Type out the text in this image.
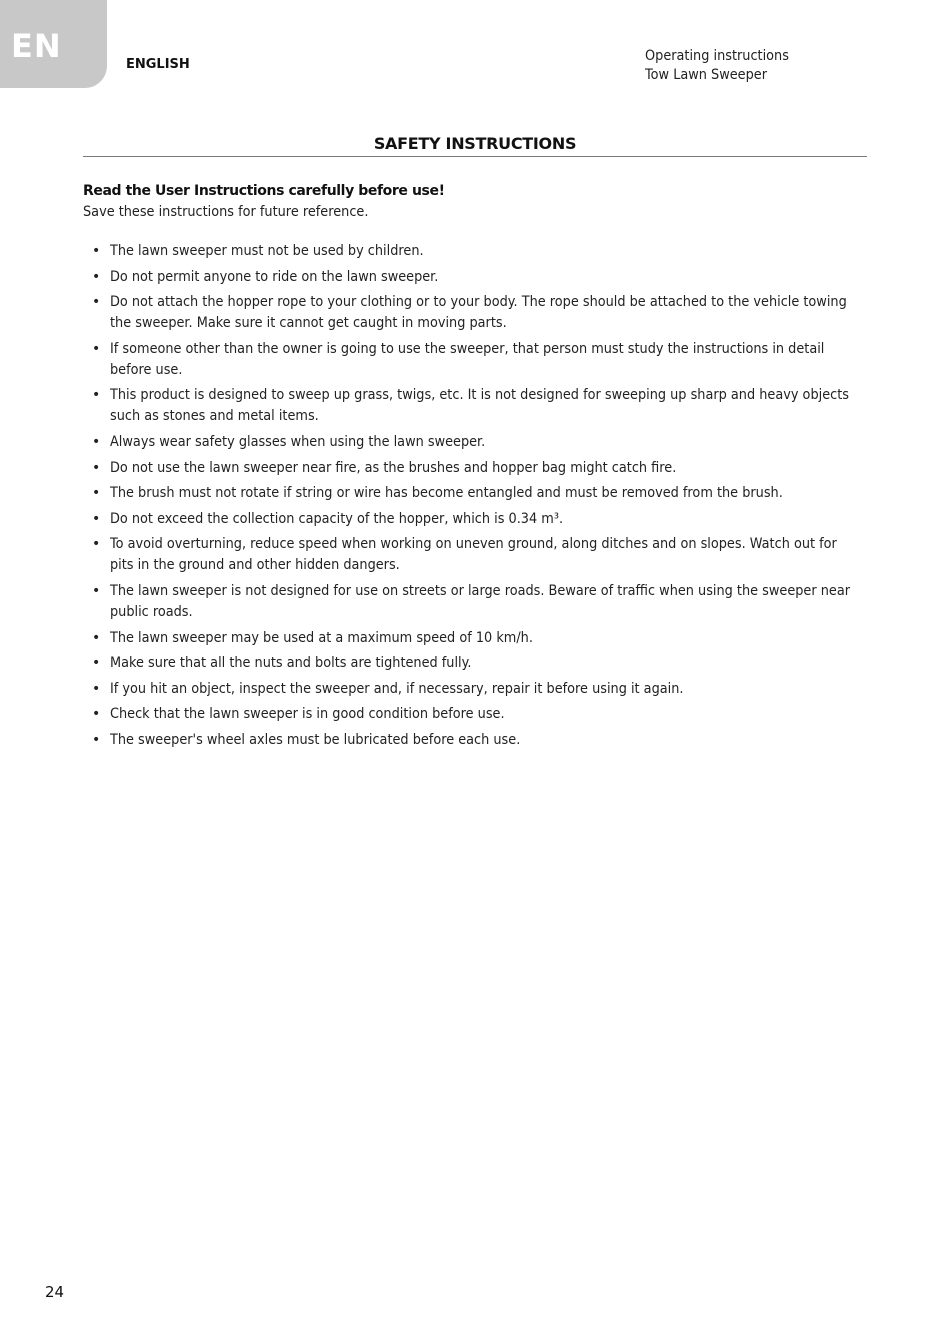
EN	ENGLISH
Operating instructions
Tow Lawn Sweeper
SAFETY INSTRUCTIONS
Read the User Instructions carefully before use!
Save these instructions for future reference.
• The lawn sweeper must not be used by children.
• Do not permit anyone to ride on the lawn sweeper.
• Do not attach the hopper rope to your clothing or to your body. The rope should be attached to the vehicle towing the sweeper. Make sure it cannot get caught in moving parts.
• If someone other than the owner is going to use the sweeper, that person must study the instructions in detail before use.
• This product is designed to sweep up grass, twigs, etc. It is not designed for sweeping up sharp and heavy objects such as stones and metal items.
• Always wear safety glasses when using the lawn sweeper.
• Do not use the lawn sweeper near fire, as the brushes and hopper bag might catch fire.
• The brush must not rotate if string or wire has become entangled and must be removed from the brush.
• Do not exceed the collection capacity of the hopper, which is 0.34 m³.
• To avoid overturning, reduce speed when working on uneven ground, along ditches and on slopes. Watch out for pits in the ground and other hidden dangers.
• The lawn sweeper is not designed for use on streets or large roads. Beware of traffic when using the sweeper near public roads.
• The lawn sweeper may be used at a maximum speed of 10 km/h.
• Make sure that all the nuts and bolts are tightened fully.
• If you hit an object, inspect the sweeper and, if necessary, repair it before using it again.
• Check that the lawn sweeper is in good condition before use.
• The sweeper's wheel axles must be lubricated before each use.
24
